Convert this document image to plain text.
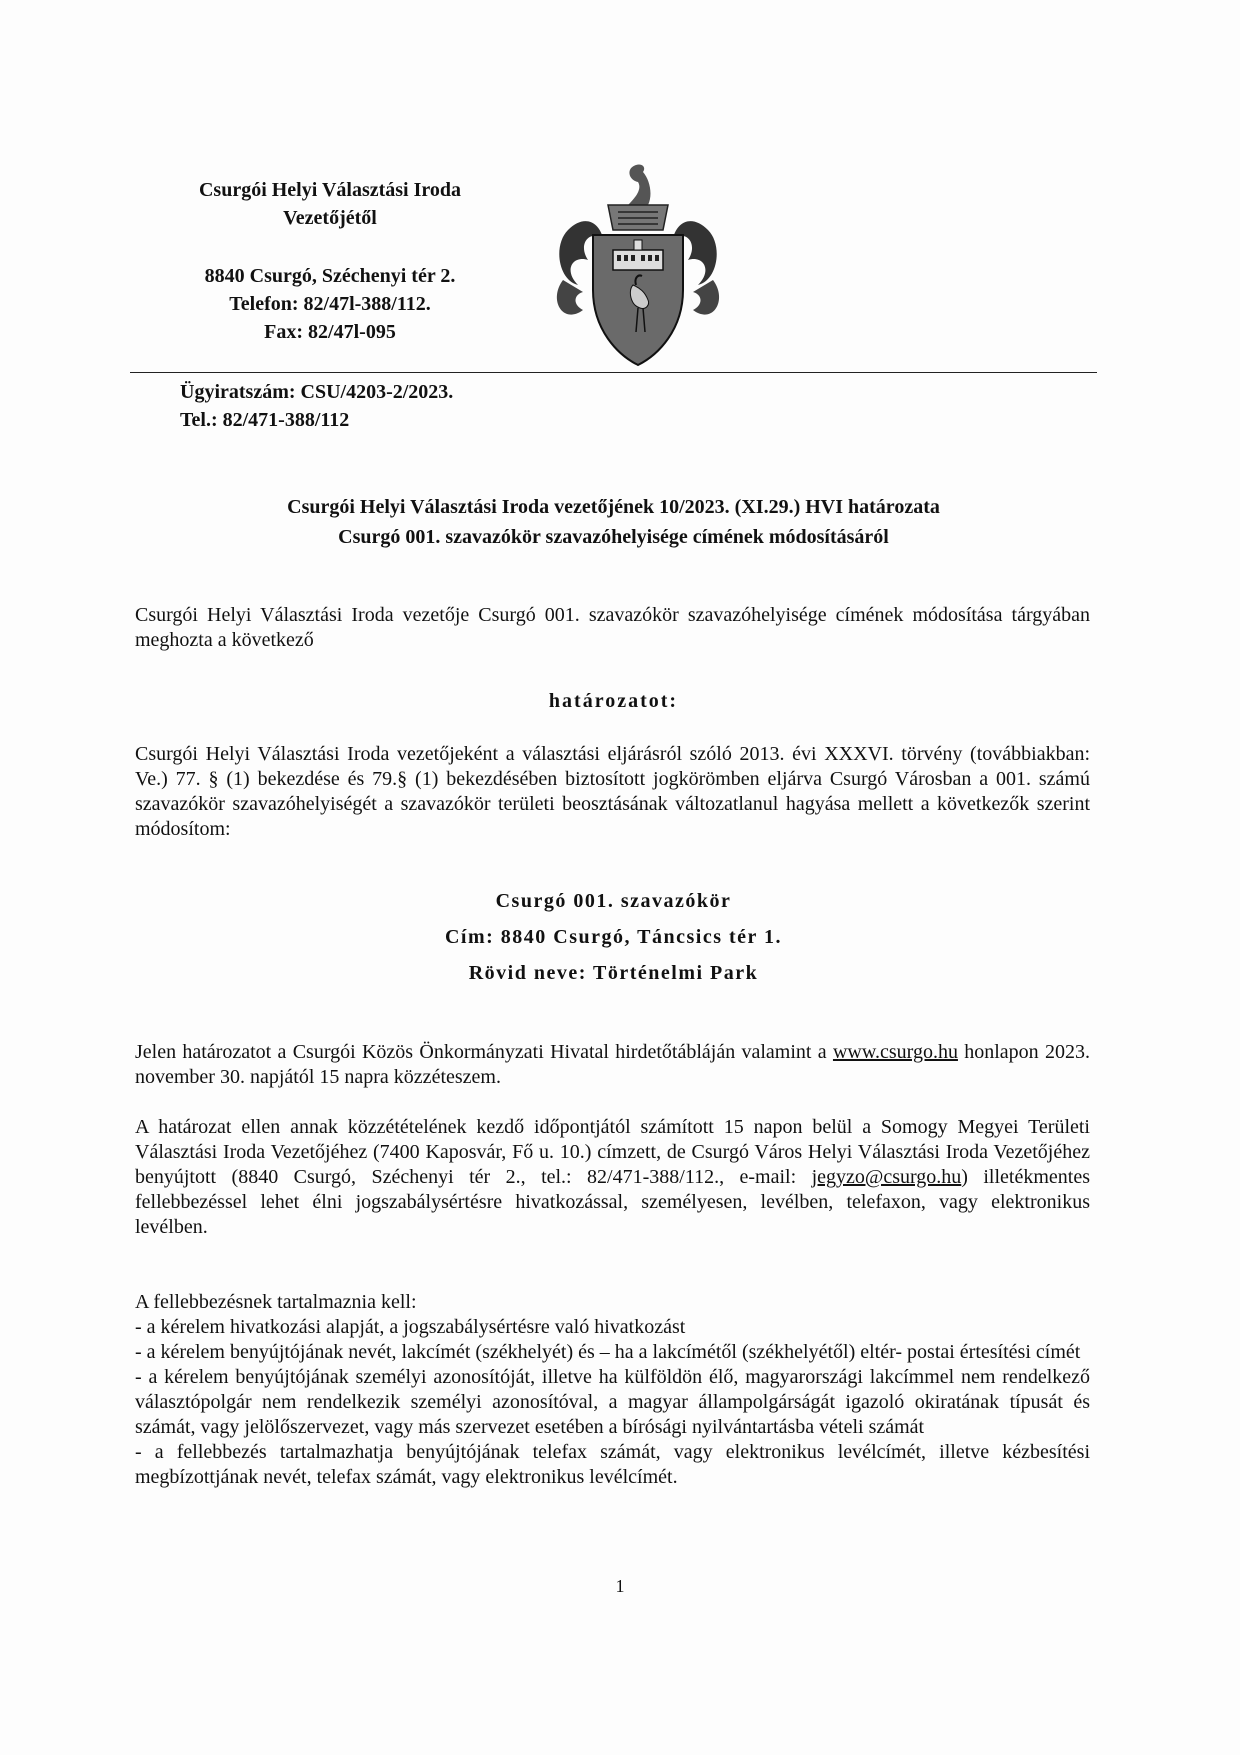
Csurgói Helyi Választási Iroda
Vezetőjétől
8840 Csurgó, Széchenyi tér 2.
Telefon: 82/47l-388/112.
Fax: 82/47l-095
Ügyiratszám: CSU/4203-2/2023.
Tel.: 82/471-388/112
Csurgói Helyi Választási Iroda vezetőjének 10/2023. (XI.29.) HVI határozata
Csurgó 001. szavazókör szavazóhelyisége címének módosításáról
Csurgói Helyi Választási Iroda vezetője Csurgó 001. szavazókör szavazóhelyisége címének módosítása tárgyában meghozta a következő
határozatot:
Csurgói Helyi Választási Iroda vezetőjeként a választási eljárásról szóló 2013. évi XXXVI. törvény (továbbiakban: Ve.) 77. § (1) bekezdése és 79.§ (1) bekezdésében biztosított jogkörömben eljárva Csurgó Városban a 001. számú szavazókör szavazóhelyiségét a szavazókör területi beosztásának változatlanul hagyása mellett a következők szerint módosítom:
Csurgó 001. szavazókör
Cím: 8840 Csurgó, Táncsics tér 1.
Rövid neve: Történelmi Park
Jelen határozatot a Csurgói Közös Önkormányzati Hivatal hirdetőtábláján valamint a www.csurgo.hu honlapon 2023. november 30. napjától 15 napra közzéteszem.
A határozat ellen annak közzétételének kezdő időpontjától számított 15 napon belül a Somogy Megyei Területi Választási Iroda Vezetőjéhez (7400 Kaposvár, Fő u. 10.) címzett, de Csurgó Város Helyi Választási Iroda Vezetőjéhez benyújtott (8840 Csurgó, Széchenyi tér 2., tel.: 82/471-388/112., e-mail: jegyzo@csurgo.hu) illetékmentes fellebbezéssel lehet élni jogszabálysértésre hivatkozással, személyesen, levélben, telefaxon, vagy elektronikus levélben.
A fellebbezésnek tartalmaznia kell:
- a kérelem hivatkozási alapját, a jogszabálysértésre való hivatkozást
- a kérelem benyújtójának nevét, lakcímét (székhelyét) és – ha a lakcímétől (székhelyétől) eltér- postai értesítési címét
- a kérelem benyújtójának személyi azonosítóját, illetve ha külföldön élő, magyarországi lakcímmel nem rendelkező választópolgár nem rendelkezik személyi azonosítóval, a magyar állampolgárságát igazoló okiratának típusát és számát, vagy jelölőszervezet, vagy más szervezet esetében a bírósági nyilvántartásba vételi számát
- a fellebbezés tartalmazhatja benyújtójának telefax számát, vagy elektronikus levélcímét, illetve kézbesítési megbízottjának nevét, telefax számát, vagy elektronikus levélcímét.
1
